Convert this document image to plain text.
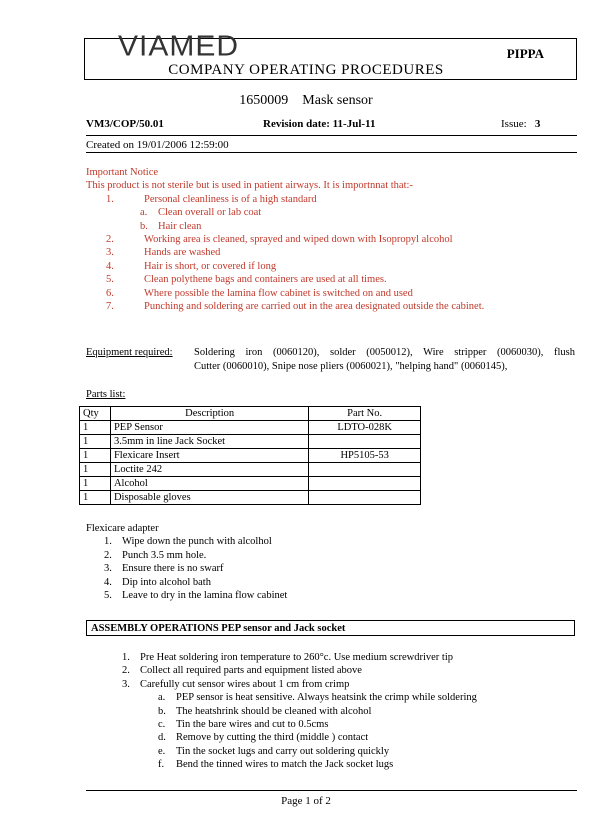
VIAMED	PIPPA
COMPANY OPERATING PROCEDURES
1650009 Mask sensor
VM3/COP/50.01	Revision date: 11-Jul-11	Issue: 3
Created on 19/01/2006 12:59:00
Important Notice
This product is not sterile but is used in patient airways. It is importnnat that:-
1.	Personal cleanliness is of a high standard
a. Clean overall or lab coat
b. Hair clean
2.	Working area is cleaned, sprayed and wiped down with Isopropyl alcohol
3.	Hands are washed
4.	Hair is short, or covered if long
5.	Clean polythene bags and containers are used at all times.
6.	Where possible the lamina flow cabinet is switched on and used
7.	Punching and soldering are carried out in the area designated outside the cabinet.
Equipment required: Soldering iron (0060120), solder (0050012), Wire stripper (0060030), flush
Cutter (0060010), Snipe nose pliers (0060021), "helping hand" (0060145),
Parts list:
Qty	Description	Part No.
1	PEP Sensor	LDTO-028K
1	3.5mm in line Jack Socket	
1	Flexicare Insert	HP5105-53
1	Loctite 242	
1	Alcohol	
1	Disposable gloves	
Flexicare adapter
1. Wipe down the punch with alcolhol
2. Punch 3.5 mm hole.
3. Ensure there is no swarf
4. Dip into alcohol bath
5. Leave to dry in the lamina flow cabinet
ASSEMBLY OPERATIONS PEP sensor and Jack socket
1. Pre Heat soldering iron temperature to 260°c. Use medium screwdriver tip
2. Collect all required parts and equipment listed above
3. Carefully cut sensor wires about 1 cm from crimp
a. PEP sensor is heat sensitive. Always heatsink the crimp while soldering
b. The heatshrink should be cleaned with alcohol
c. Tin the bare wires and cut to 0.5cms
d. Remove by cutting the third (middle ) contact
e. Tin the socket lugs and carry out soldering quickly
f. Bend the tinned wires to match the Jack socket lugs
Page 1 of 2
